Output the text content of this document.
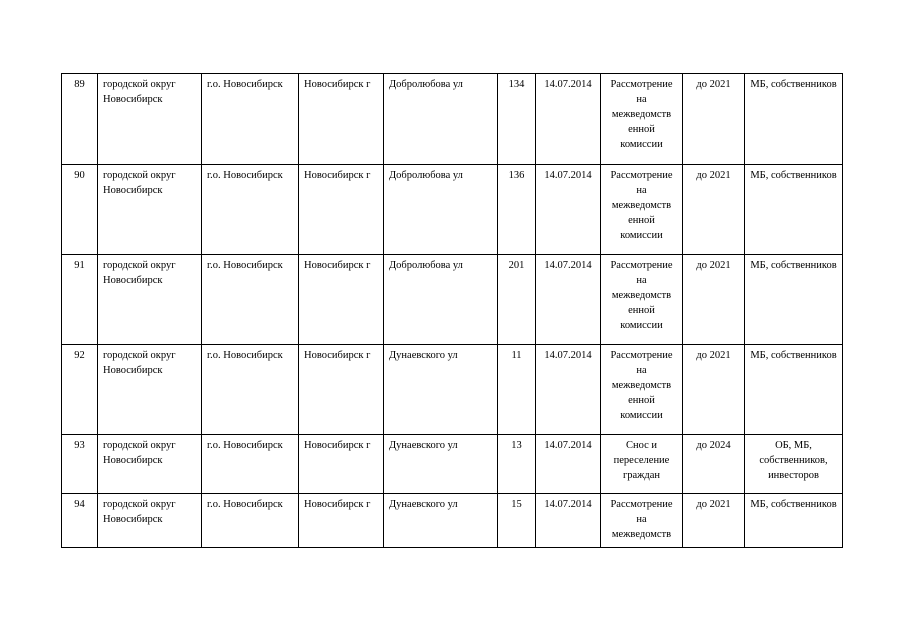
89	городской округ Новосибирск	г.о. Новосибирск	Новосибирск г	Добролюбова ул	134	14.07.2014	Рассмотрение на межведомств енной комиссии	до 2021	МБ, собственников
90	городской округ Новосибирск	г.о. Новосибирск	Новосибирск г	Добролюбова ул	136	14.07.2014	Рассмотрение на межведомств енной комиссии	до 2021	МБ, собственников
91	городской округ Новосибирск	г.о. Новосибирск	Новосибирск г	Добролюбова ул	201	14.07.2014	Рассмотрение на межведомств енной комиссии	до 2021	МБ, собственников
92	городской округ Новосибирск	г.о. Новосибирск	Новосибирск г	Дунаевского ул	11	14.07.2014	Рассмотрение на межведомств енной комиссии	до 2021	МБ, собственников
93	городской округ Новосибирск	г.о. Новосибирск	Новосибирск г	Дунаевского ул	13	14.07.2014	Снос и переселение граждан	до 2024	ОБ, МБ, собственников, инвесторов
94	городской округ Новосибирск	г.о. Новосибирск	Новосибирск г	Дунаевского ул	15	14.07.2014	Рассмотрение на межведомств	до 2021	МБ, собственников
